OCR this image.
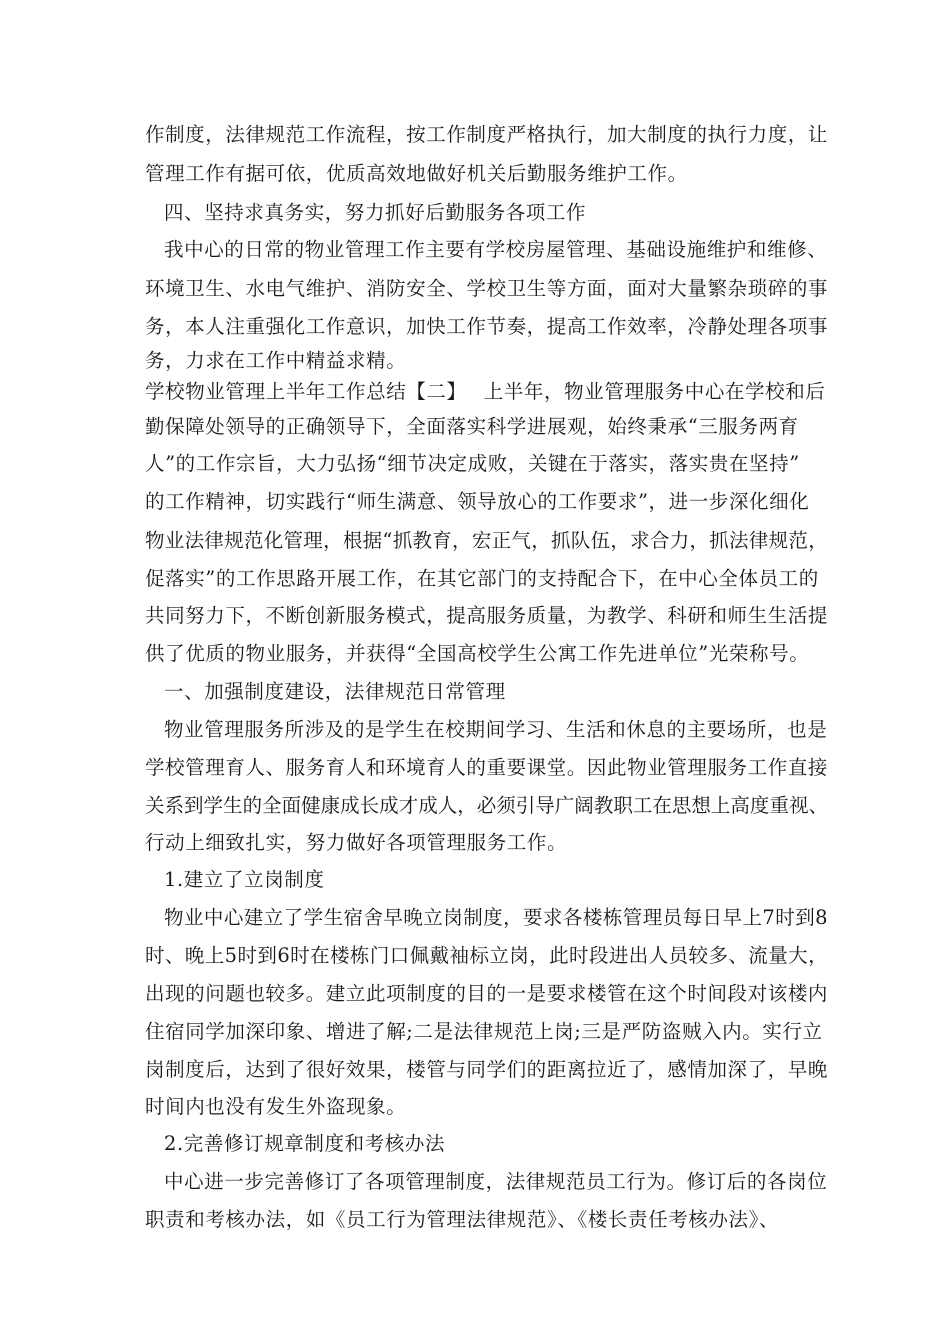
作制度，法律规范工作流程，按工作制度严格执行，加大制度的执行力度，让
管理工作有据可依，优质高效地做好机关后勤服务维护工作。
四、坚持求真务实，努力抓好后勤服务各项工作
我中心的日常的物业管理工作主要有学校房屋管理、基础设施维护和维修、
环境卫生、水电气维护、消防安全、学校卫生等方面，面对大量繁杂琐碎的事
务，本人注重强化工作意识，加快工作节奏，提高工作效率，冷静处理各项事
务，力求在工作中精益求精。
学校物业管理上半年工作总结【二】　 上半年，物业管理服务中心在学校和后
勤保障处领导的正确领导下，全面落实科学进展观，始终秉承“三服务两育
人”的工作宗旨，大力弘扬“细节决定成败，关键在于落实，落实贵在坚持”
的工作精神，切实践行“师生满意、领导放心的工作要求”，进一步深化细化
物业法律规范化管理，根据“抓教育，宏正气，抓队伍，求合力，抓法律规范，
促落实”的工作思路开展工作，在其它部门的支持配合下，在中心全体员工的
共同努力下，不断创新服务模式，提高服务质量，为教学、科研和师生生活提
供了优质的物业服务，并获得“全国高校学生公寓工作先进单位”光荣称号。
一、加强制度建设，法律规范日常管理
物业管理服务所涉及的是学生在校期间学习、生活和休息的主要场所，也是
学校管理育人、服务育人和环境育人的重要课堂。因此物业管理服务工作直接
关系到学生的全面健康成长成才成人，必须引导广阔教职工在思想上高度重视、
行动上细致扎实，努力做好各项管理服务工作。
1.建立了立岗制度
物业中心建立了学生宿舍早晚立岗制度，要求各楼栋管理员每日早上7时到8
时、晚上5时到6时在楼栋门口佩戴袖标立岗，此时段进出人员较多、流量大，
出现的问题也较多。建立此项制度的目的一是要求楼管在这个时间段对该楼内
住宿同学加深印象、增进了解;二是法律规范上岗;三是严防盗贼入内。实行立
岗制度后，达到了很好效果，楼管与同学们的距离拉近了，感情加深了，早晚
时间内也没有发生外盗现象。
2.完善修订规章制度和考核办法
中心进一步完善修订了各项管理制度，法律规范员工行为。修订后的各岗位
职责和考核办法，如《员工行为管理法律规范》、《楼长责任考核办法》、
